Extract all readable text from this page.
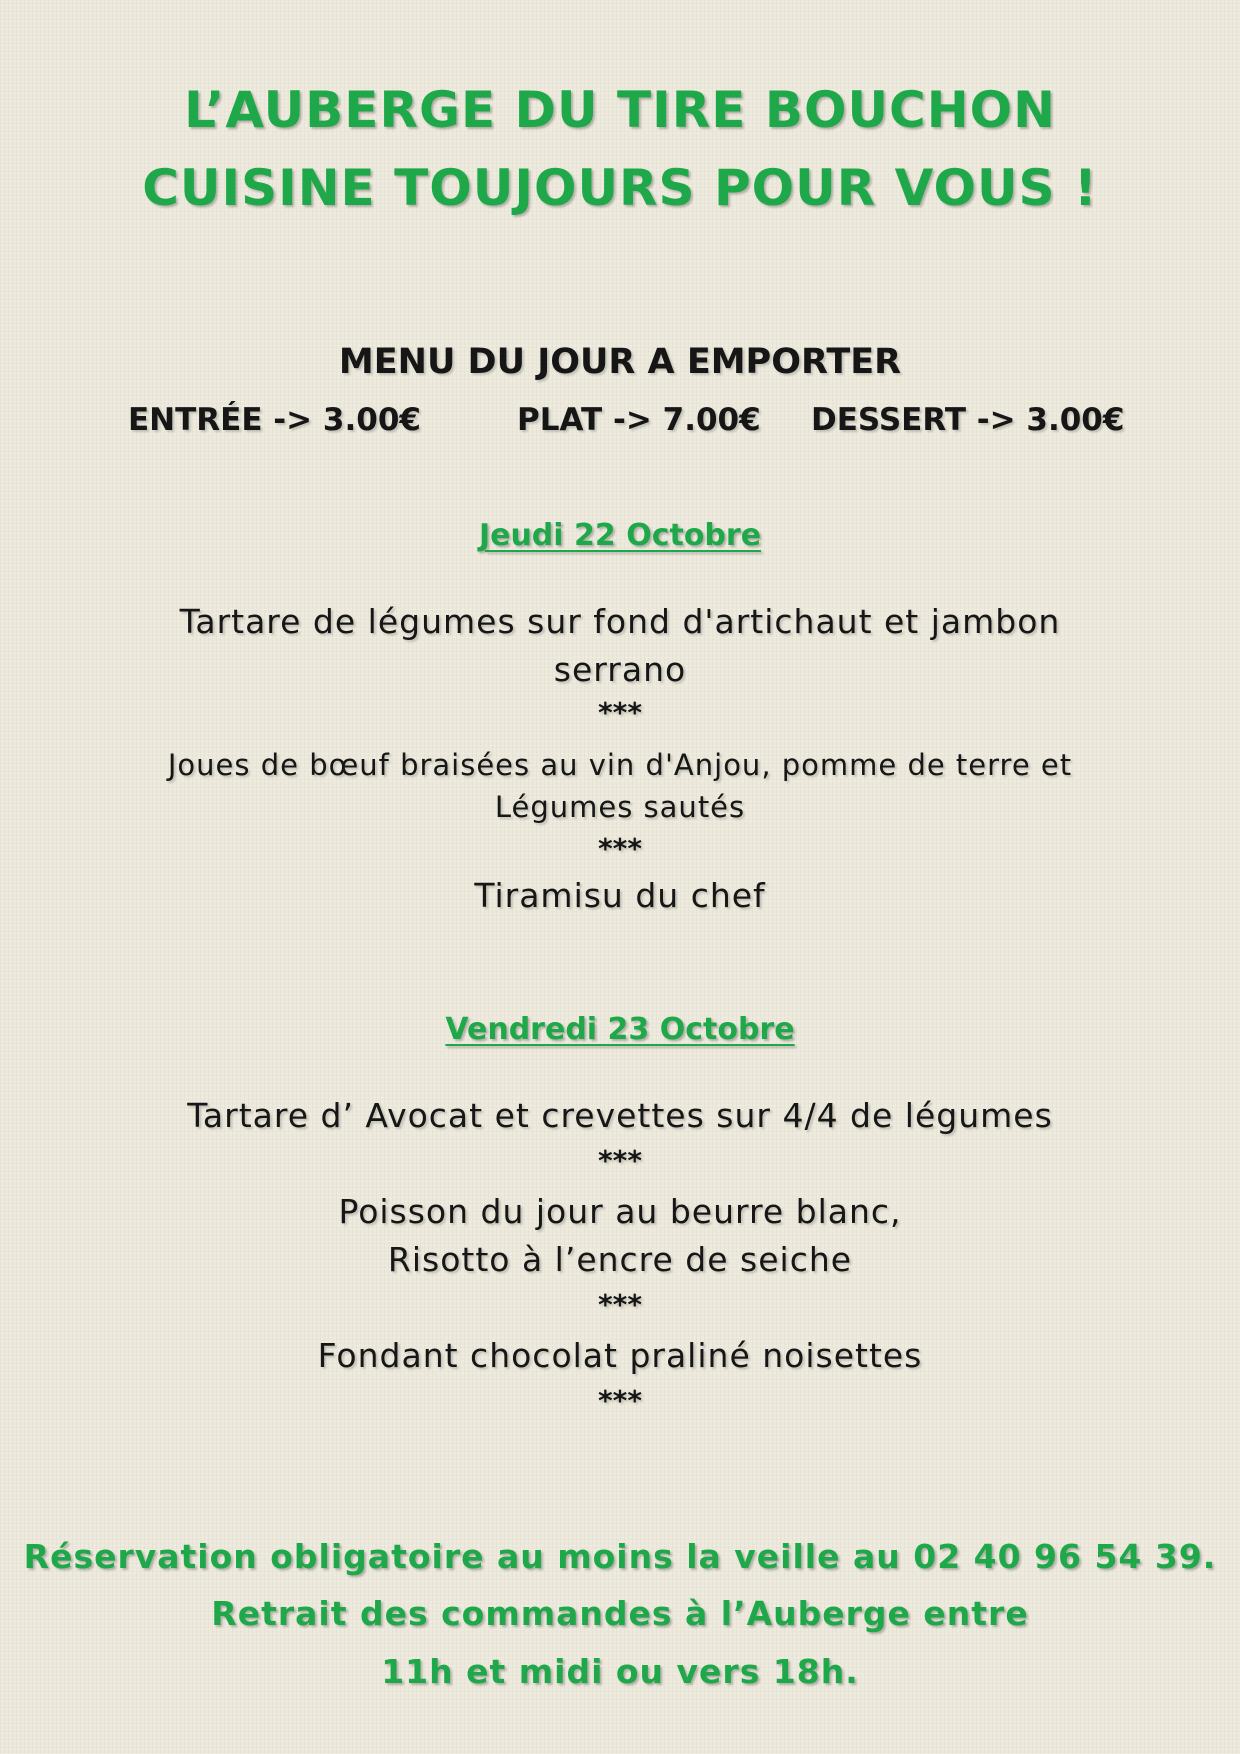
L’AUBERGE DU TIRE BOUCHON
CUISINE TOUJOURS POUR VOUS !
MENU DU JOUR A EMPORTER
ENTRÉE -> 3.00€	PLAT -> 7.00€ DESSERT -> 3.00€
Jeudi 22 Octobre
Tartare de légumes sur fond d'artichaut et jambon
serrano
***
Joues de bœuf braisées au vin d'Anjou, pomme de terre et
Légumes sautés
***
Tiramisu du chef
Vendredi 23 Octobre
Tartare d’ Avocat et crevettes sur 4/4 de légumes
***
Poisson du jour au beurre blanc,
Risotto à l’encre de seiche
***
Fondant chocolat praliné noisettes
***
Réservation obligatoire au moins la veille au 02 40 96 54 39.
Retrait des commandes à l’Auberge entre
11h et midi ou vers 18h.
